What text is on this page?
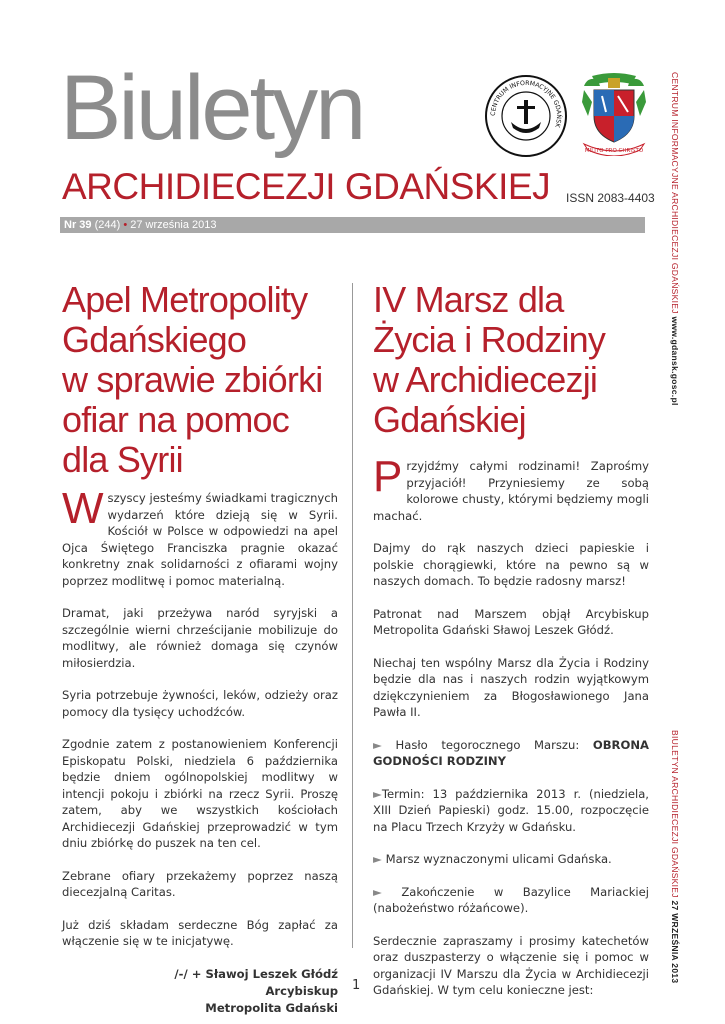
Biuletyn
ARCHIDIECEZJI GDAŃSKIEJ ISSN 2083-4403
CENTRUM INFORMACYJNE GDAŃSK
MILITO PRO CHRISTO
Nr 39 (244) • 27 września 2013	CENTRUM INFORMACYJNE ARCHIDIECEZJI GDAŃSKIEJ www.gdansk.gosc.pl
BIULETYN ARCHIDIECEZJI GDAŃSKIEJ 27 WRZEŚNIA 2013
Apel Metropolity
Gdańskiego
w sprawie zbiórki
ofiar na pomoc
dla Syrii
IV Marsz dla
Życia i Rodziny
w Archidiecezji
Gdańskiej

Wszyscy jesteśmy świadkami tragicznych wydarzeń które dzieją się w Syrii. Kościół w Polsce w odpowiedzi na apel Ojca Świętego Franciszka pragnie okazać konkretny znak solidarności z ofiarami wojny poprzez modlitwę i pomoc materialną.

Dramat, jaki przeżywa naród syryjski a szczególnie wierni chrześcijanie mobilizuje do modlitwy, ale również domaga się czynów miłosierdzia.

Syria potrzebuje żywności, leków, odzieży oraz pomocy dla tysięcy uchodźców.

Zgodnie zatem z postanowieniem Konferencji Episkopatu Polski, niedziela 6 października będzie dniem ogólnopolskiej modlitwy w intencji pokoju i zbiórki na rzecz Syrii. Proszę zatem, aby we wszystkich kościołach Archidiecezji Gdańskiej przeprowadzić w tym dniu zbiórkę do puszek na ten cel.

Zebrane ofiary przekażemy poprzez naszą diecezjalną Caritas.

Już dziś składam serdeczne Bóg zapłać za włączenie się w te inicjatywę.

/-/ + Sławoj Leszek Głódź
Arcybiskup
Metropolita Gdański

Przyjdźmy całymi rodzinami! Zaprośmy przyjaciół! Przyniesiemy ze sobą kolorowe chusty, którymi będziemy mogli machać.

Dajmy do rąk naszych dzieci papieskie i polskie chorągiewki, które na pewno są w naszych domach. To będzie radosny marsz!

Patronat nad Marszem objął Arcybiskup Metropolita Gdański Sławoj Leszek Głódź.

Niechaj ten wspólny Marsz dla Życia i Rodziny będzie dla nas i naszych rodzin wyjątkowym dziękczynieniem za Błogosławionego Jana Pawła II.

► Hasło tegorocznego Marszu: OBRONA GODNOŚCI RODZINY

►Termin: 13 października 2013 r. (niedziela, XIII Dzień Papieski) godz. 15.00, rozpoczęcie na Placu Trzech Krzyży w Gdańsku.

► Marsz wyznaczonymi ulicami Gdańska.

► Zakończenie w Bazylice Mariackiej (nabożeństwo różańcowe).

Serdecznie zapraszamy i prosimy katechetów oraz duszpasterzy o włączenie się i pomoc w organizacji IV Marszu dla Życia w Archidiecezji Gdańskiej. W tym celu konieczne jest:

1
